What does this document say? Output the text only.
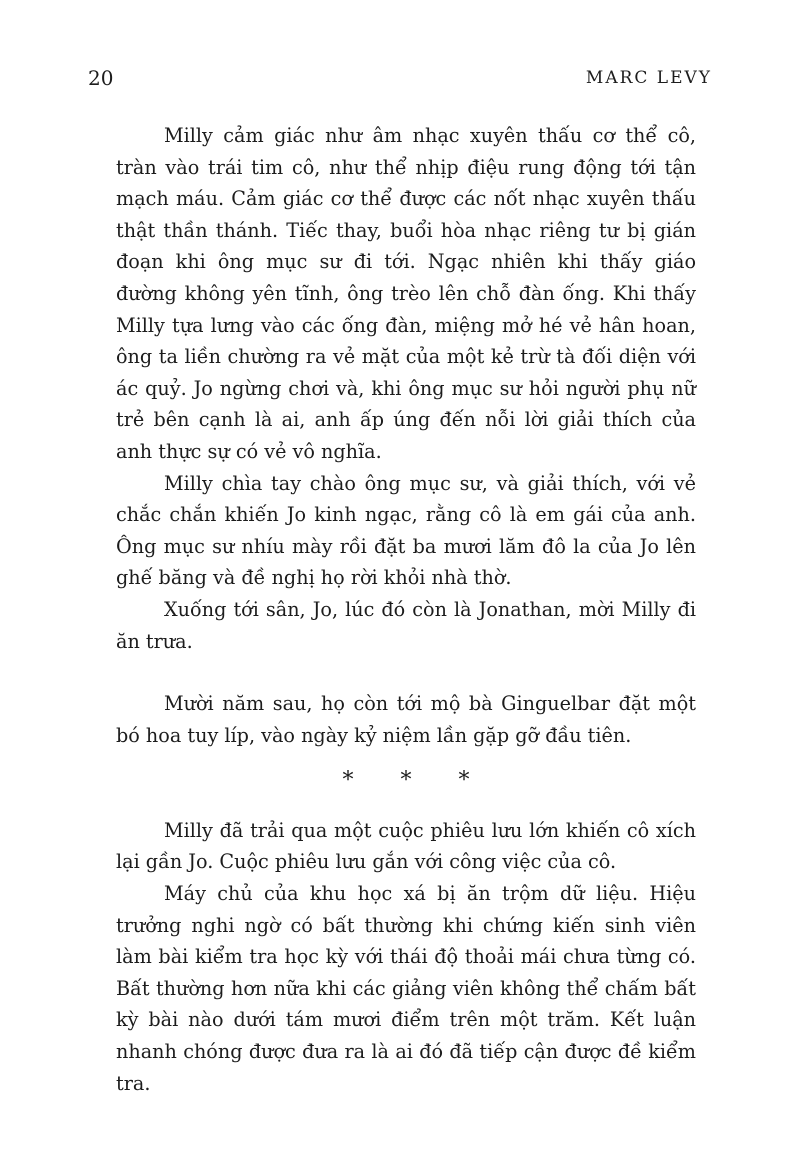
20	MARC LEVY

Milly cảm giác như âm nhạc xuyên thấu cơ thể cô, tràn vào trái tim cô, như thể nhịp điệu rung động tới tận mạch máu. Cảm giác cơ thể được các nốt nhạc xuyên thấu thật thần thánh. Tiếc thay, buổi hòa nhạc riêng tư bị gián đoạn khi ông mục sư đi tới. Ngạc nhiên khi thấy giáo đường không yên tĩnh, ông trèo lên chỗ đàn ống. Khi thấy Milly tựa lưng vào các ống đàn, miệng mở hé vẻ hân hoan, ông ta liền chường ra vẻ mặt của một kẻ trừ tà đối diện với ác quỷ. Jo ngừng chơi và, khi ông mục sư hỏi người phụ nữ trẻ bên cạnh là ai, anh ấp úng đến nỗi lời giải thích của anh thực sự có vẻ vô nghĩa.

Milly chìa tay chào ông mục sư, và giải thích, với vẻ chắc chắn khiến Jo kinh ngạc, rằng cô là em gái của anh. Ông mục sư nhíu mày rồi đặt ba mươi lăm đô la của Jo lên ghế băng và đề nghị họ rời khỏi nhà thờ.

Xuống tới sân, Jo, lúc đó còn là Jonathan, mời Milly đi ăn trưa.

Mười năm sau, họ còn tới mộ bà Ginguelbar đặt một bó hoa tuy líp, vào ngày kỷ niệm lần gặp gỡ đầu tiên.

* * *

Milly đã trải qua một cuộc phiêu lưu lớn khiến cô xích lại gần Jo. Cuộc phiêu lưu gắn với công việc của cô.

Máy chủ của khu học xá bị ăn trộm dữ liệu. Hiệu trưởng nghi ngờ có bất thường khi chứng kiến sinh viên làm bài kiểm tra học kỳ với thái độ thoải mái chưa từng có. Bất thường hơn nữa khi các giảng viên không thể chấm bất kỳ bài nào dưới tám mươi điểm trên một trăm. Kết luận nhanh chóng được đưa ra là ai đó đã tiếp cận được đề kiểm tra.
